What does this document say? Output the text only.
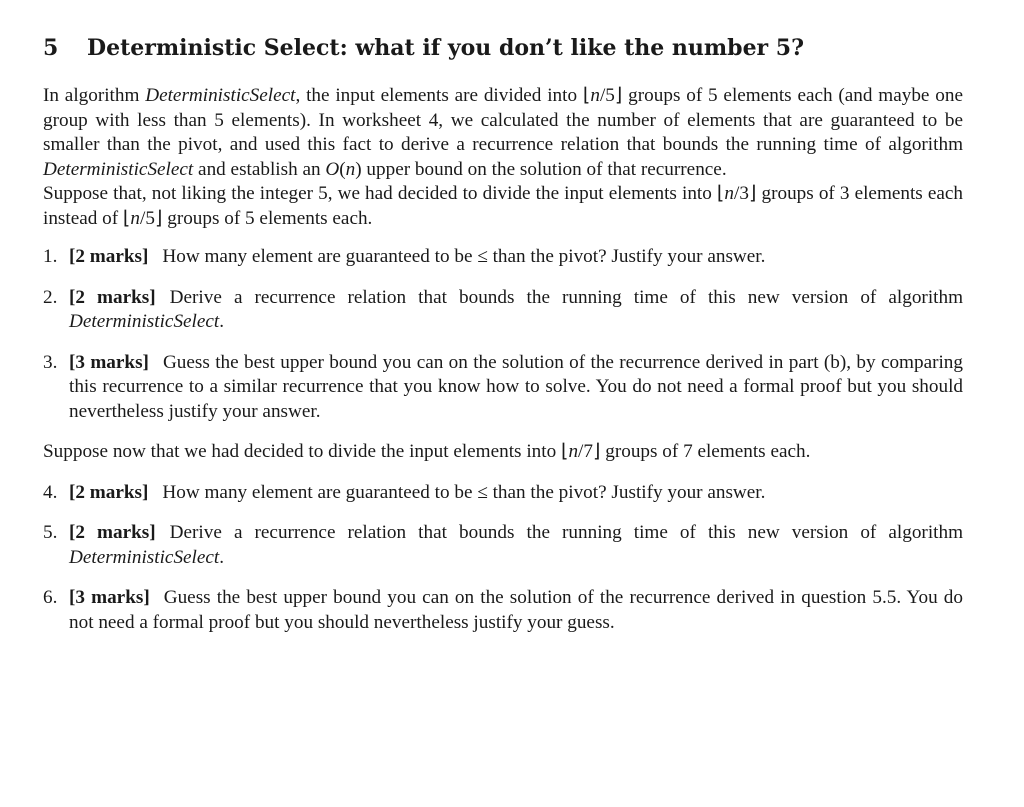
5	Deterministic Select: what if you don’t like the number 5?

In algorithm DeterministicSelect, the input elements are divided into ⌊n/5⌋ groups of 5 elements each (and maybe one group with less than 5 elements). In worksheet 4, we calculated the number of elements that are guaranteed to be smaller than the pivot, and used this fact to derive a recurrence relation that bounds the running time of algorithm DeterministicSelect and establish an O(n) upper bound on the solution of that recurrence.

Suppose that, not liking the integer 5, we had decided to divide the input elements into ⌊n/3⌋ groups of 3 elements each instead of ⌊n/5⌋ groups of 5 elements each.

1. [2 marks] How many element are guaranteed to be ≤ than the pivot? Justify your answer.
2. [2 marks] Derive a recurrence relation that bounds the running time of this new version of algorithm DeterministicSelect.
3. [3 marks] Guess the best upper bound you can on the solution of the recurrence derived in part (b), by comparing this recurrence to a similar recurrence that you know how to solve. You do not need a formal proof but you should nevertheless justify your answer.

Suppose now that we had decided to divide the input elements into ⌊n/7⌋ groups of 7 elements each.

4. [2 marks] How many element are guaranteed to be ≤ than the pivot? Justify your answer.
5. [2 marks] Derive a recurrence relation that bounds the running time of this new version of algorithm DeterministicSelect.
6. [3 marks] Guess the best upper bound you can on the solution of the recurrence derived in question 5.5. You do not need a formal proof but you should nevertheless justify your guess.
